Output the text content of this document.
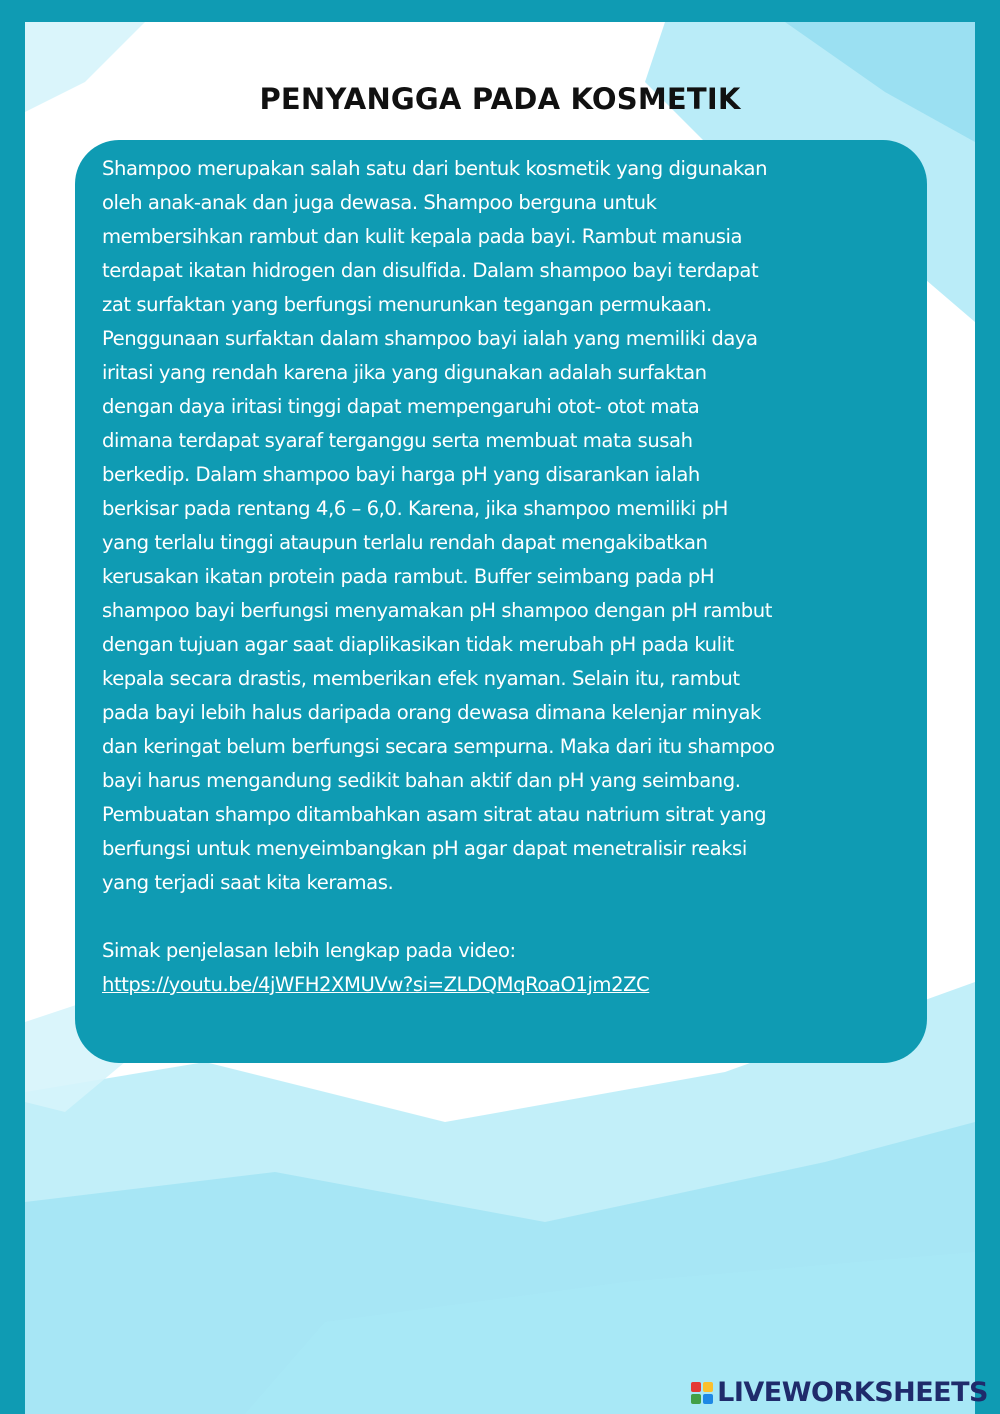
PENYANGGA PADA KOSMETIK

Shampoo merupakan salah satu dari bentuk kosmetik yang digunakan
oleh anak-anak dan juga dewasa. Shampoo berguna untuk
membersihkan rambut dan kulit kepala pada bayi. Rambut manusia
terdapat ikatan hidrogen dan disulfida. Dalam shampoo bayi terdapat
zat surfaktan yang berfungsi menurunkan tegangan permukaan.
Penggunaan surfaktan dalam shampoo bayi ialah yang memiliki daya
iritasi yang rendah karena jika yang digunakan adalah surfaktan
dengan daya iritasi tinggi dapat mempengaruhi otot- otot mata
dimana terdapat syaraf terganggu serta membuat mata susah
berkedip. Dalam shampoo bayi harga pH yang disarankan ialah
berkisar pada rentang 4,6 – 6,0. Karena, jika shampoo memiliki pH
yang terlalu tinggi ataupun terlalu rendah dapat mengakibatkan
kerusakan ikatan protein pada rambut. Buffer seimbang pada pH
shampoo bayi berfungsi menyamakan pH shampoo dengan pH rambut
dengan tujuan agar saat diaplikasikan tidak merubah pH pada kulit
kepala secara drastis, memberikan efek nyaman. Selain itu, rambut
pada bayi lebih halus daripada orang dewasa dimana kelenjar minyak
dan keringat belum berfungsi secara sempurna. Maka dari itu shampoo
bayi harus mengandung sedikit bahan aktif dan pH yang seimbang.
Pembuatan shampo ditambahkan asam sitrat atau natrium sitrat yang
berfungsi untuk menyeimbangkan pH agar dapat menetralisir reaksi
yang terjadi saat kita keramas.

Simak penjelasan lebih lengkap pada video:

https://youtu.be/4jWFH2XMUVw?si=ZLDQMqRoaO1jm2ZC
LIVEWORKSHEETS
